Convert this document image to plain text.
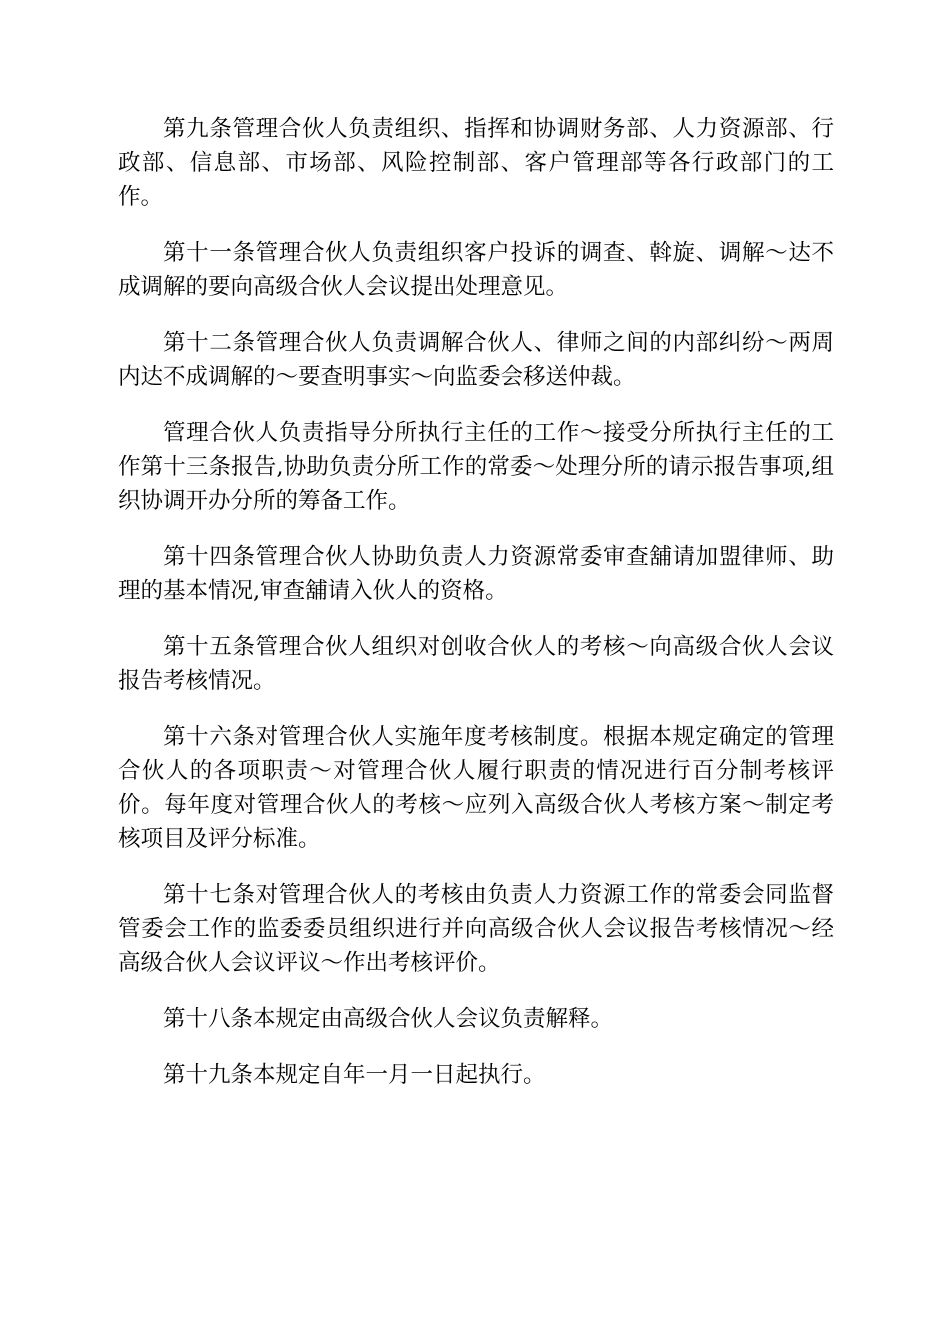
第九条管理合伙人负责组织、指挥和协调财务部、人力资源部、行政部、信息部、市场部、风险控制部、客户管理部等各行政部门的工作。

第十一条管理合伙人负责组织客户投诉的调查、斡旋、调解～达不成调解的要向高级合伙人会议提出处理意见。

第十二条管理合伙人负责调解合伙人、律师之间的内部纠纷～两周内达不成调解的～要查明事实～向监委会移送仲裁。

管理合伙人负责指导分所执行主任的工作～接受分所执行主任的工作第十三条报告,协助负责分所工作的常委～处理分所的请示报告事项,组织协调开办分所的筹备工作。

第十四条管理合伙人协助负责人力资源常委审查舖请加盟律师、助理的基本情况,审查舖请入伙人的资格。

第十五条管理合伙人组织对创收合伙人的考核～向高级合伙人会议报告考核情况。

第十六条对管理合伙人实施年度考核制度。根据本规定确定的管理合伙人的各项职责～对管理合伙人履行职责的情况进行百分制考核评价。每年度对管理合伙人的考核～应列入高级合伙人考核方案～制定考核项目及评分标准。

第十七条对管理合伙人的考核由负责人力资源工作的常委会同监督管委会工作的监委委员组织进行并向高级合伙人会议报告考核情况～经高级合伙人会议评议～作出考核评价。

第十八条本规定由高级合伙人会议负责解释。

第十九条本规定自年一月一日起执行。
